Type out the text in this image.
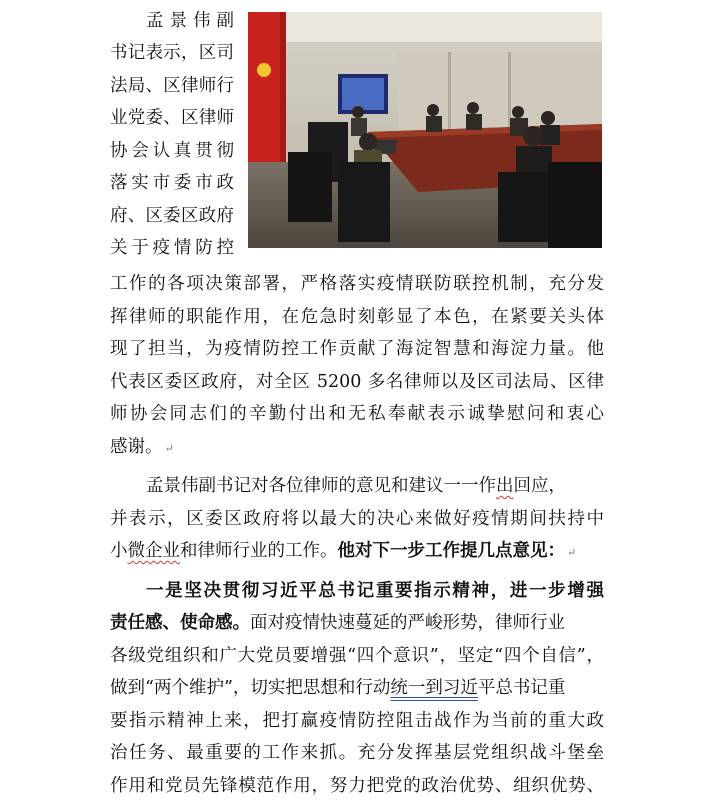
孟景伟副
书记表示，区司
法局、区律师行
业党委、区律师
协会认真贯彻
落实市委市政
府、区委区政府
关于疫情防控
工作的各项决策部署，严格落实疫情联防联控机制，充分发
挥律师的职能作用，在危急时刻彰显了本色，在紧要关头体
现了担当，为疫情防控工作贡献了海淀智慧和海淀力量。他
代表区委区政府，对全区 5200 多名律师以及区司法局、区律
师协会同志们的辛勤付出和无私奉献表示诚挚慰问和衷心
感谢。 ↵
孟景伟副书记对各位律师的意见和建议一一作出回应，
并表示，区委区政府将以最大的决心来做好疫情期间扶持中
小微企业和律师行业的工作。他对下一步工作提几点意见： ↵
一是坚决贯彻习近平总书记重要指示精神，进一步增强
责任感、使命感。面对疫情快速蔓延的严峻形势，律师行业
各级党组织和广大党员要增强“四个意识”，坚定“四个自信”，
做到“两个维护”，切实把思想和行动统一到习近平总书记重
要指示精神上来，把打赢疫情防控阻击战作为当前的重大政
治任务、最重要的工作来抓。充分发挥基层党组织战斗堡垒
作用和党员先锋模范作用，努力把党的政治优势、组织优势、
